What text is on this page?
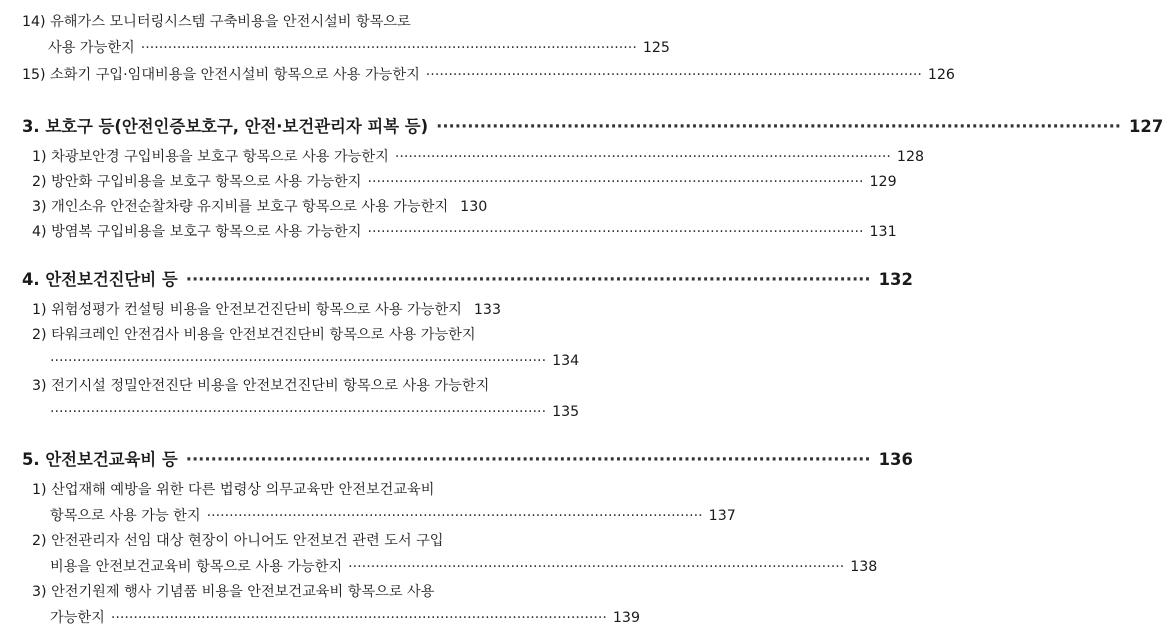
14) 유해가스 모니터링시스템 구축비용을 안전시설비 항목으로
사용 가능한지 ·············································································································· 125
15) 소화기 구입·임대비용을 안전시설비 항목으로 사용 가능한지 ·············································································································· 126
3. 보호구 등(안전인증보호구, 안전·보건관리자 피복 등) ·············································································································· 127
1) 차광보안경 구입비용을 보호구 항목으로 사용 가능한지 ·············································································································· 128
2) 방안화 구입비용을 보호구 항목으로 사용 가능한지 ·············································································································· 129
3) 개인소유 안전순찰차량 유지비를 보호구 항목으로 사용 가능한지 130
4) 방염복 구입비용을 보호구 항목으로 사용 가능한지 ·············································································································· 131
4. 안전보건진단비 등 ·············································································································· 132
1) 위험성평가 컨설팅 비용을 안전보건진단비 항목으로 사용 가능한지 133
2) 타워크레인 안전검사 비용을 안전보건진단비 항목으로 사용 가능한지
·············································································································· 134
3) 전기시설 정밀안전진단 비용을 안전보건진단비 항목으로 사용 가능한지
·············································································································· 135
5. 안전보건교육비 등 ·············································································································· 136
1) 산업재해 예방을 위한 다른 법령상 의무교육만 안전보건교육비
항목으로 사용 가능 한지 ·············································································································· 137
2) 안전관리자 선임 대상 현장이 아니어도 안전보건 관련 도서 구입
비용을 안전보건교육비 항목으로 사용 가능한지 ·············································································································· 138
3) 안전기원제 행사 기념품 비용을 안전보건교육비 항목으로 사용
가능한지 ·············································································································· 139
